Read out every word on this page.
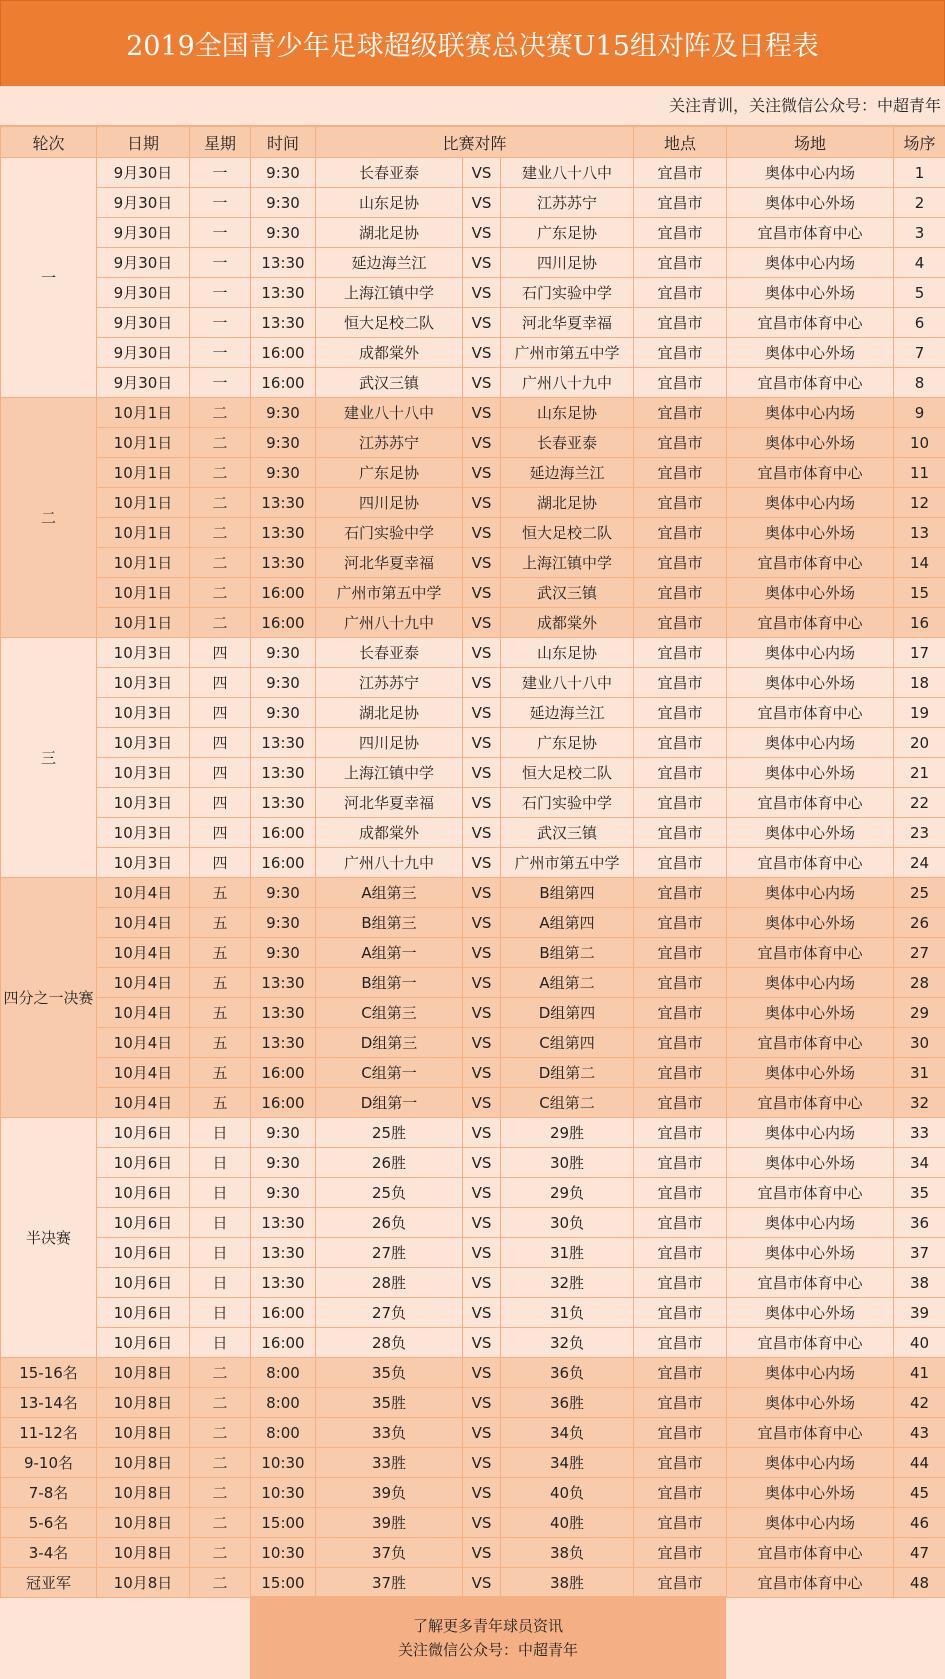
2019全国青少年足球超级联赛总决赛U15组对阵及日程表
关注青训，关注微信公众号：中超青年
轮次	日期	星期	时间	比赛对阵			地点	场地	场序
一	9月30日	一	9:30	长春亚泰	VS	建业八十八中	宜昌市	奥体中心内场	1
	9月30日	一	9:30	山东足协	VS	江苏苏宁	宜昌市	奥体中心外场	2
	9月30日	一	9:30	湖北足协	VS	广东足协	宜昌市	宜昌市体育中心	3
	9月30日	一	13:30	延边海兰江	VS	四川足协	宜昌市	奥体中心内场	4
	9月30日	一	13:30	上海江镇中学	VS	石门实验中学	宜昌市	奥体中心外场	5
	9月30日	一	13:30	恒大足校二队	VS	河北华夏幸福	宜昌市	宜昌市体育中心	6
	9月30日	一	16:00	成都棠外	VS	广州市第五中学	宜昌市	奥体中心外场	7
	9月30日	一	16:00	武汉三镇	VS	广州八十九中	宜昌市	宜昌市体育中心	8
二	10月1日	二	9:30	建业八十八中	VS	山东足协	宜昌市	奥体中心内场	9
	10月1日	二	9:30	江苏苏宁	VS	长春亚泰	宜昌市	奥体中心外场	10
	10月1日	二	9:30	广东足协	VS	延边海兰江	宜昌市	宜昌市体育中心	11
	10月1日	二	13:30	四川足协	VS	湖北足协	宜昌市	奥体中心内场	12
	10月1日	二	13:30	石门实验中学	VS	恒大足校二队	宜昌市	奥体中心外场	13
	10月1日	二	13:30	河北华夏幸福	VS	上海江镇中学	宜昌市	宜昌市体育中心	14
	10月1日	二	16:00	广州市第五中学	VS	武汉三镇	宜昌市	奥体中心外场	15
	10月1日	二	16:00	广州八十九中	VS	成都棠外	宜昌市	宜昌市体育中心	16
三	10月3日	四	9:30	长春亚泰	VS	山东足协	宜昌市	奥体中心内场	17
	10月3日	四	9:30	江苏苏宁	VS	建业八十八中	宜昌市	奥体中心外场	18
	10月3日	四	9:30	湖北足协	VS	延边海兰江	宜昌市	宜昌市体育中心	19
	10月3日	四	13:30	四川足协	VS	广东足协	宜昌市	奥体中心内场	20
	10月3日	四	13:30	上海江镇中学	VS	恒大足校二队	宜昌市	奥体中心外场	21
	10月3日	四	13:30	河北华夏幸福	VS	石门实验中学	宜昌市	宜昌市体育中心	22
	10月3日	四	16:00	成都棠外	VS	武汉三镇	宜昌市	奥体中心外场	23
	10月3日	四	16:00	广州八十九中	VS	广州市第五中学	宜昌市	宜昌市体育中心	24
四分之一决赛	10月4日	五	9:30	A组第三	VS	B组第四	宜昌市	奥体中心内场	25
	10月4日	五	9:30	B组第三	VS	A组第四	宜昌市	奥体中心外场	26
	10月4日	五	9:30	A组第一	VS	B组第二	宜昌市	宜昌市体育中心	27
	10月4日	五	13:30	B组第一	VS	A组第二	宜昌市	奥体中心内场	28
	10月4日	五	13:30	C组第三	VS	D组第四	宜昌市	奥体中心外场	29
	10月4日	五	13:30	D组第三	VS	C组第四	宜昌市	宜昌市体育中心	30
	10月4日	五	16:00	C组第一	VS	D组第二	宜昌市	奥体中心外场	31
	10月4日	五	16:00	D组第一	VS	C组第二	宜昌市	宜昌市体育中心	32
半决赛	10月6日	日	9:30	25胜	VS	29胜	宜昌市	奥体中心内场	33
	10月6日	日	9:30	26胜	VS	30胜	宜昌市	奥体中心外场	34
	10月6日	日	9:30	25负	VS	29负	宜昌市	宜昌市体育中心	35
	10月6日	日	13:30	26负	VS	30负	宜昌市	奥体中心内场	36
	10月6日	日	13:30	27胜	VS	31胜	宜昌市	奥体中心外场	37
	10月6日	日	13:30	28胜	VS	32胜	宜昌市	宜昌市体育中心	38
	10月6日	日	16:00	27负	VS	31负	宜昌市	奥体中心外场	39
	10月6日	日	16:00	28负	VS	32负	宜昌市	宜昌市体育中心	40
15-16名	10月8日	二	8:00	35负	VS	36负	宜昌市	奥体中心内场	41
13-14名	10月8日	二	8:00	35胜	VS	36胜	宜昌市	奥体中心外场	42
11-12名	10月8日	二	8:00	33负	VS	34负	宜昌市	宜昌市体育中心	43
9-10名	10月8日	二	10:30	33胜	VS	34胜	宜昌市	奥体中心内场	44
7-8名	10月8日	二	10:30	39负	VS	40负	宜昌市	奥体中心外场	45
5-6名	10月8日	二	15:00	39胜	VS	40胜	宜昌市	奥体中心内场	46
3-4名	10月8日	二	10:30	37负	VS	38负	宜昌市	宜昌市体育中心	47
冠亚军	10月8日	二	15:00	37胜	VS	38胜	宜昌市	宜昌市体育中心	48
了解更多青年球员资讯
关注微信公众号：中超青年
